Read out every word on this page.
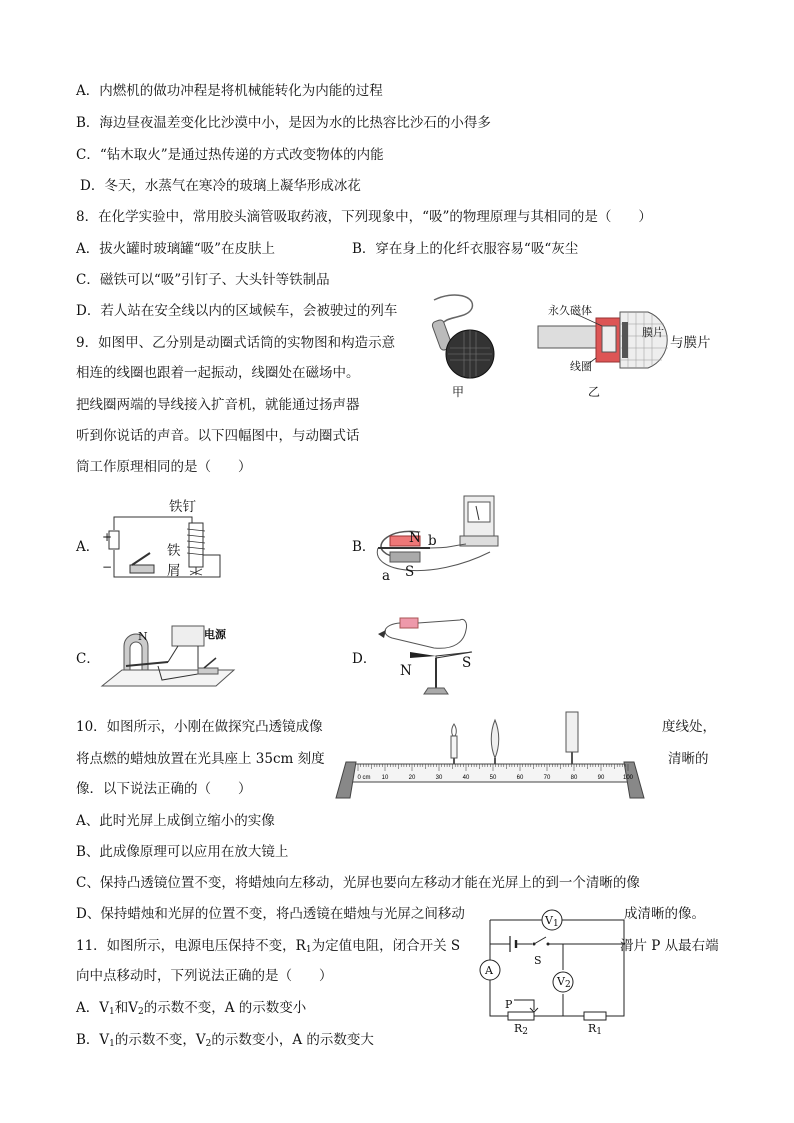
A．内燃机的做功冲程是将机械能转化为内能的过程
B．海边昼夜温差变化比沙漠中小，是因为水的比热容比沙石的小得多
C．“钻木取火”是通过热传递的方式改变物体的内能
D．冬天，水蒸气在寒冷的玻璃上凝华形成冰花
8．在化学实验中，常用胶头滴管吸取药液，下列现象中，“吸”的物理原理与其相同的是（　　）
A．拔火罐时玻璃罐“吸”在皮肤上	B．穿在身上的化纤衣服容易“吸“灰尘
C．磁铁可以“吸”引钉子、大头针等铁制品
D．若人站在安全线以内的区域候车，会被驶过的列车
9．如图甲、乙分别是动圈式话筒的实物图和构造示意	与膜片
相连的线圈也跟着一起振动，线圈处在磁场中。
把线圈两端的导线接入扩音机，就能通过扬声器
听到你说话的声音。以下四幅图中，与动圈式话
筒工作原理相同的是（　　）
甲
永久磁体
膜片
线圈
乙
A．
铁钉
铁
屑
+
−
B．
N b
a S
C．
N	电源
D．
N	S
10．如图所示，小刚在做探究凸透镜成像	度线处，
将点燃的蜡烛放置在光具座上 35cm 刻度	清晰的
像．以下说法正确的（　　）
0 cm 10	20	30	40	50	60	70	80	90	100
A、此时光屏上成倒立缩小的实像
B、此成像原理可以应用在放大镜上
C、保持凸透镜位置不变，将蜡烛向左移动，光屏也要向左移动才能在光屏上的到一个清晰的像
D、保持蜡烛和光屏的位置不变，将凸透镜在蜡烛与光屏之间移动	成清晰的像。
11．如图所示，电源电压保持不变，$R_1$为定值电阻，闭合开关 S	滑片 P 从最右端
向中点移动时，下列说法正确的是（　　）
A．$V_1$和$V_2$的示数不变，A 的示数变小
B．$V_1$的示数不变，$V_2$的示数变小，A 的示数变大
$V_1$
$V_2$
A
S
P
$R_2$	$R_1$
